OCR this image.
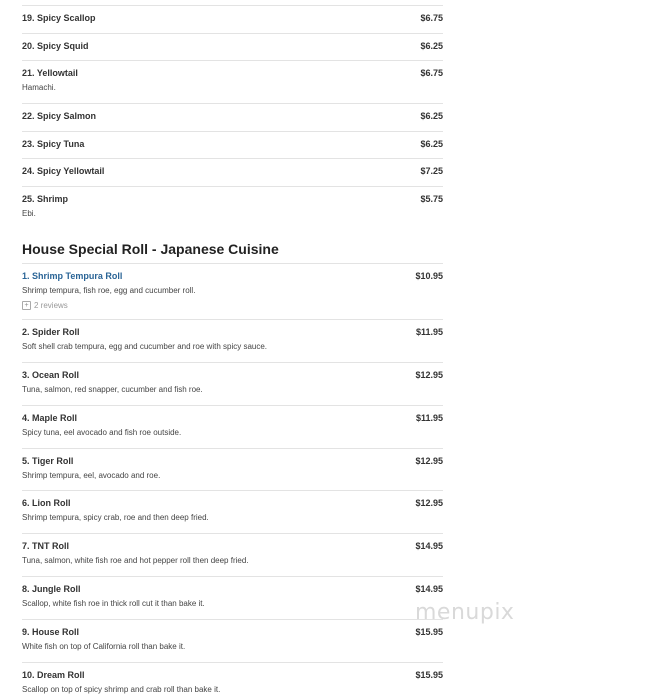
19. Spicy Scallop	$6.75
20. Spicy Squid	$6.25
21. Yellowtail	$6.75
Hamachi.
22. Spicy Salmon	$6.25
23. Spicy Tuna	$6.25
24. Spicy Yellowtail	$7.25
25. Shrimp	$5.75
Ebi.
House Special Roll - Japanese Cuisine
1. Shrimp Tempura Roll	$10.95
Shrimp tempura, fish roe, egg and cucumber roll.
+ 2 reviews
2. Spider Roll	$11.95
Soft shell crab tempura, egg and cucumber and roe with spicy sauce.
3. Ocean Roll	$12.95
Tuna, salmon, red snapper, cucumber and fish roe.
4. Maple Roll	$11.95
Spicy tuna, eel avocado and fish roe outside.
5. Tiger Roll	$12.95
Shrimp tempura, eel, avocado and roe.
6. Lion Roll	$12.95
Shrimp tempura, spicy crab, roe and then deep fried.
7. TNT Roll	$14.95
Tuna, salmon, white fish roe and hot pepper roll then deep fried.
8. Jungle Roll	$14.95
Scallop, white fish roe in thick roll cut it than bake it.
9. House Roll	$15.95
White fish on top of California roll than bake it.
10. Dream Roll	$15.95
Scallop on top of spicy shrimp and crab roll than bake it.
menupix
